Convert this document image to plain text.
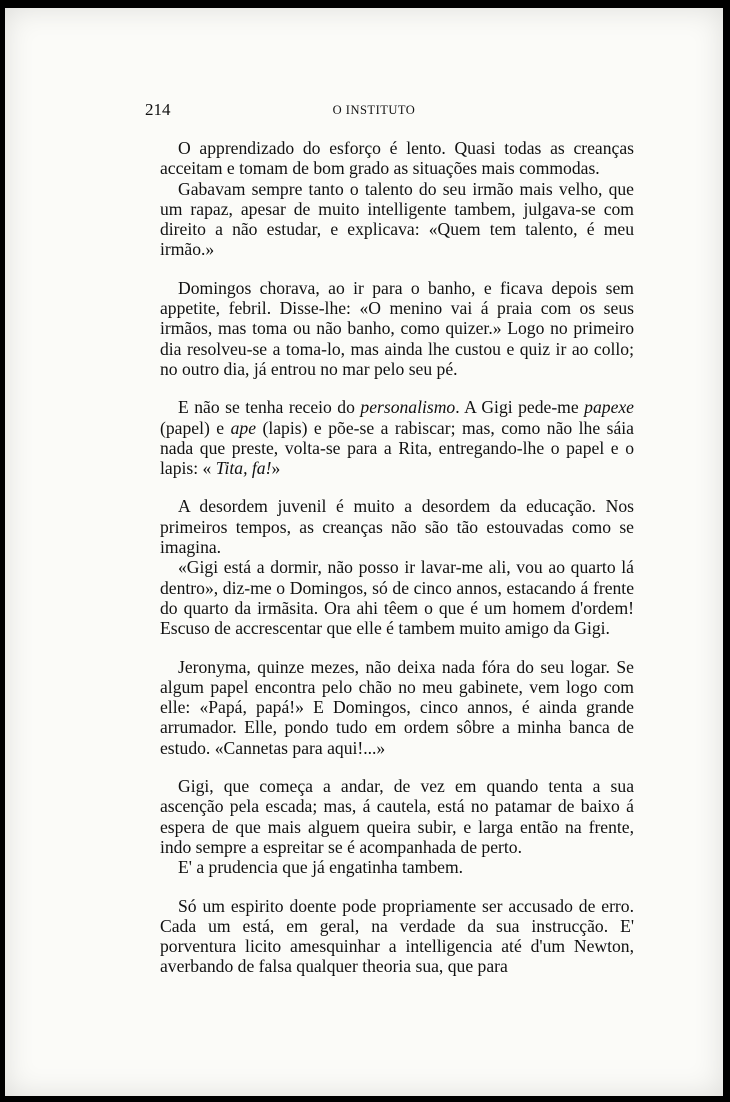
214	O INSTITUTO

O apprendizado do esforço é lento. Quasi todas as creanças acceitam e tomam de bom grado as situações mais commodas.

Gabavam sempre tanto o talento do seu irmão mais velho, que um rapaz, apesar de muito intelligente tambem, julgava-se com direito a não estudar, e explicava: «Quem tem talento, é meu irmão.»

Domingos chorava, ao ir para o banho, e ficava depois sem appetite, febril. Disse-lhe: «O menino vai á praia com os seus irmãos, mas toma ou não banho, como quizer.» Logo no primeiro dia resolveu-se a toma-lo, mas ainda lhe custou e quiz ir ao collo; no outro dia, já entrou no mar pelo seu pé.

E não se tenha receio do personalismo. A Gigi pede-me papexe (papel) e ape (lapis) e põe-se a rabiscar; mas, como não lhe sáia nada que preste, volta-se para a Rita, entregando-lhe o papel e o lapis: « Tita, fa!»

A desordem juvenil é muito a desordem da educação. Nos primeiros tempos, as creanças não são tão estouvadas como se imagina.

«Gigi está a dormir, não posso ir lavar-me ali, vou ao quarto lá dentro», diz-me o Domingos, só de cinco annos, estacando á frente do quarto da irmãsita. Ora ahi têem o que é um homem d'ordem! Escuso de accrescentar que elle é tambem muito amigo da Gigi.

Jeronyma, quinze mezes, não deixa nada fóra do seu logar. Se algum papel encontra pelo chão no meu gabinete, vem logo com elle: «Papá, papá!» E Domingos, cinco annos, é ainda grande arrumador. Elle, pondo tudo em ordem sôbre a minha banca de estudo. «Cannetas para aqui!...»

Gigi, que começa a andar, de vez em quando tenta a sua ascenção pela escada; mas, á cautela, está no patamar de baixo á espera de que mais alguem queira subir, e larga então na frente, indo sempre a espreitar se é acompanhada de perto.

E' a prudencia que já engatinha tambem.

Só um espirito doente pode propriamente ser accusado de erro. Cada um está, em geral, na verdade da sua instrucção. E' porventura licito amesquinhar a intelligencia até d'um Newton, averbando de falsa qualquer theoria sua, que para
